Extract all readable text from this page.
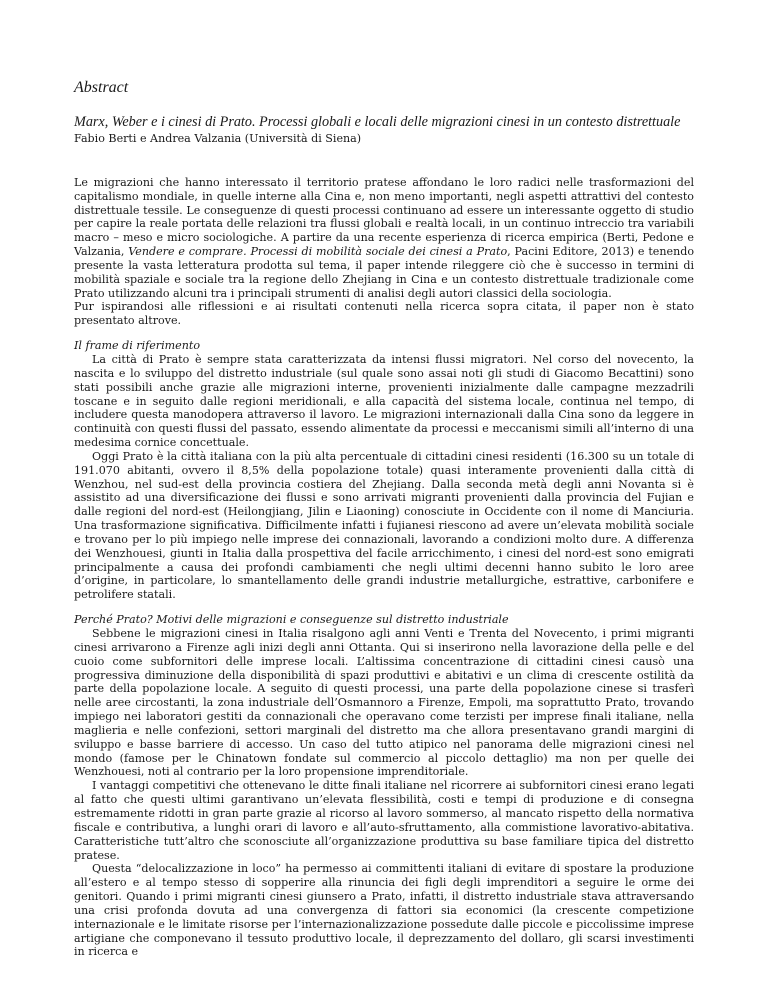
Abstract

Marx, Weber e i cinesi di Prato. Processi globali e locali delle migrazioni cinesi in un contesto distrettuale

Fabio Berti e Andrea Valzania (Università di Siena)

Le migrazioni che hanno interessato il territorio pratese affondano le loro radici nelle trasformazioni del capitalismo mondiale, in quelle interne alla Cina e, non meno importanti, negli aspetti attrattivi del contesto distrettuale tessile. Le conseguenze di questi processi continuano ad essere un interessante oggetto di studio per capire la reale portata delle relazioni tra flussi globali e realtà locali, in un continuo intreccio tra variabili macro – meso e micro sociologiche. A partire da una recente esperienza di ricerca empirica (Berti, Pedone e Valzania, Vendere e comprare. Processi di mobilità sociale dei cinesi a Prato, Pacini Editore, 2013) e tenendo presente la vasta letteratura prodotta sul tema, il paper intende rileggere ciò che è successo in termini di mobilità spaziale e sociale tra la regione dello Zhejiang in Cina e un contesto distrettuale tradizionale come Prato utilizzando alcuni tra i principali strumenti di analisi degli autori classici della sociologia.

Pur ispirandosi alle riflessioni e ai risultati contenuti nella ricerca sopra citata, il paper non è stato presentato altrove.

Il frame di riferimento

La città di Prato è sempre stata caratterizzata da intensi flussi migratori. Nel corso del novecento, la nascita e lo sviluppo del distretto industriale (sul quale sono assai noti gli studi di Giacomo Becattini) sono stati possibili anche grazie alle migrazioni interne, provenienti inizialmente dalle campagne mezzadrili toscane e in seguito dalle regioni meridionali, e alla capacità del sistema locale, continua nel tempo, di includere questa manodopera attraverso il lavoro. Le migrazioni internazionali dalla Cina sono da leggere in continuità con questi flussi del passato, essendo alimentate da processi e meccanismi simili all’interno di una medesima cornice concettuale.

Oggi Prato è la città italiana con la più alta percentuale di cittadini cinesi residenti (16.300 su un totale di 191.070 abitanti, ovvero il 8,5% della popolazione totale) quasi interamente provenienti dalla città di Wenzhou, nel sud-est della provincia costiera del Zhejiang. Dalla seconda metà degli anni Novanta si è assistito ad una diversificazione dei flussi e sono arrivati migranti provenienti dalla provincia del Fujian e dalle regioni del nord-est (Heilongjiang, Jilin e Liaoning) conosciute in Occidente con il nome di Manciuria. Una trasformazione significativa. Difficilmente infatti i fujianesi riescono ad avere un’elevata mobilità sociale e trovano per lo più impiego nelle imprese dei connazionali, lavorando a condizioni molto dure. A differenza dei Wenzhouesi, giunti in Italia dalla prospettiva del facile arricchimento, i cinesi del nord-est sono emigrati principalmente a causa dei profondi cambiamenti che negli ultimi decenni hanno subito le loro aree d’origine, in particolare, lo smantellamento delle grandi industrie metallurgiche, estrattive, carbonifere e petrolifere statali.

Perché Prato? Motivi delle migrazioni e conseguenze sul distretto industriale

Sebbene le migrazioni cinesi in Italia risalgono agli anni Venti e Trenta del Novecento, i primi migranti cinesi arrivarono a Firenze agli inizi degli anni Ottanta. Qui si inserirono nella lavorazione della pelle e del cuoio come subfornitori delle imprese locali. L’altissima concentrazione di cittadini cinesi causò una progressiva diminuzione della disponibilità di spazi produttivi e abitativi e un clima di crescente ostilità da parte della popolazione locale. A seguito di questi processi, una parte della popolazione cinese si trasferì nelle aree circostanti, la zona industriale dell’Osmannoro a Firenze, Empoli, ma soprattutto Prato, trovando impiego nei laboratori gestiti da connazionali che operavano come terzisti per imprese finali italiane, nella maglieria e nelle confezioni, settori marginali del distretto ma che allora presentavano grandi margini di sviluppo e basse barriere di accesso. Un caso del tutto atipico nel panorama delle migrazioni cinesi nel mondo (famose per le Chinatown fondate sul commercio al piccolo dettaglio) ma non per quelle dei Wenzhouesi, noti al contrario per la loro propensione imprenditoriale.

I vantaggi competitivi che ottenevano le ditte finali italiane nel ricorrere ai subfornitori cinesi erano legati al fatto che questi ultimi garantivano un’elevata flessibilità, costi e tempi di produzione e di consegna estremamente ridotti in gran parte grazie al ricorso al lavoro sommerso, al mancato rispetto della normativa fiscale e contributiva, a lunghi orari di lavoro e all’auto-sfruttamento, alla commistione lavorativo-abitativa. Caratteristiche tutt’altro che sconosciute all’organizzazione produttiva su base familiare tipica del distretto pratese.

Questa “delocalizzazione in loco” ha permesso ai committenti italiani di evitare di spostare la produzione all’estero e al tempo stesso di sopperire alla rinuncia dei figli degli imprenditori a seguire le orme dei genitori. Quando i primi migranti cinesi giunsero a Prato, infatti, il distretto industriale stava attraversando una crisi profonda dovuta ad una convergenza di fattori sia economici (la crescente competizione internazionale e le limitate risorse per l’internazionalizzazione possedute dalle piccole e piccolissime imprese artigiane che componevano il tessuto produttivo locale, il deprezzamento del dollaro, gli scarsi investimenti in ricerca e
